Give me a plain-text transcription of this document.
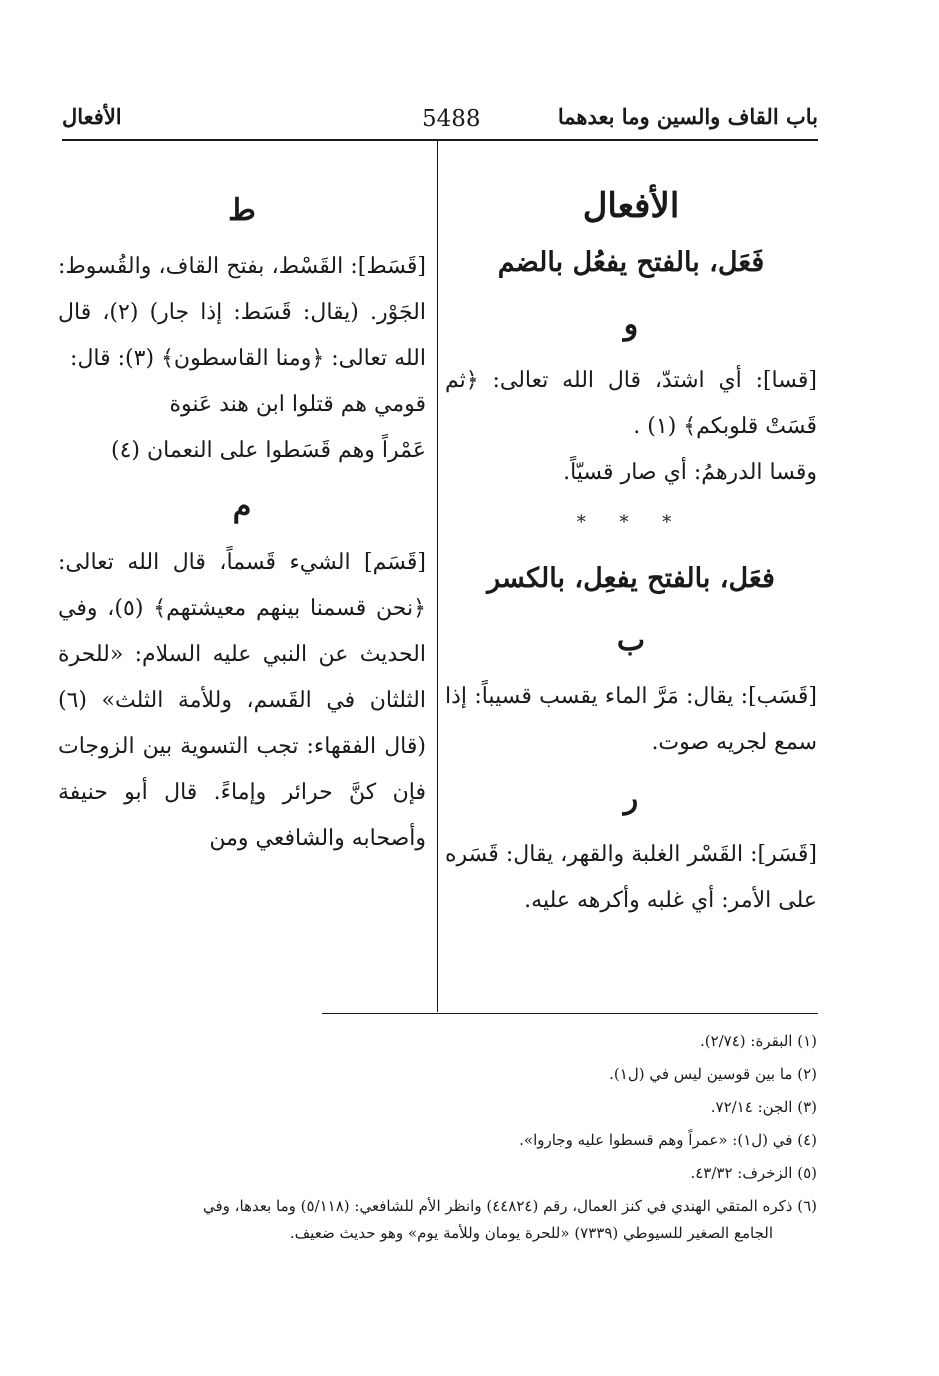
باب القاف والسين وما بعدهما
5488
الأفعال
الأفعال
فَعَل، بالفتح يفعُل بالضم
و

[قسا]: أي اشتدّ، قال الله تعالى: ﴿ثم قَسَتْ قلوبكم﴾ (١) .

وقسا الدرهمُ: أي صار قسيّاً.

* * *
فعَل، بالفتح يفعِل، بالكسر
ب

[قَسَب]: يقال: مَرَّ الماء يقسب قسيباً: إذا سمع لجريه صوت.

ر

[قَسَر]: القَسْر الغلبة والقهر، يقال: قَسَره على الأمر: أي غلبه وأكرهه عليه.

ط

[قَسَط]: القَسْط، بفتح القاف، والقُسوط: الجَوْر. (يقال: قَسَط: إذا جار) (٢)، قال الله تعالى: ﴿ومنا القاسطون﴾ (٣): قال:

قومي هم قتلوا ابن هند عَنوة

عَمْراً وهم قَسَطوا على النعمان (٤)

م

[قَسَم] الشيء قَسماً، قال الله تعالى: ﴿نحن قسمنا بينهم معيشتهم﴾ (٥)، وفي الحديث عن النبي عليه السلام: «للحرة الثلثان في القَسم، وللأمة الثلث» (٦) (قال الفقهاء: تجب التسوية بين الزوجات فإن كنَّ حرائر وإماءً. قال أبو حنيفة وأصحابه والشافعي ومن

(١) البقرة: (٢/٧٤).

(٢) ما بين قوسين ليس في (ل١).

(٣) الجن: ٧٢/١٤.

(٤) في (ل١): «عمراً وهم قسطوا عليه وجاروا».

(٥) الزخرف: ٤٣/٣٢.

(٦) ذكره المتقي الهندي في كنز العمال، رقم (٤٤٨٢٤) وانظر الأم للشافعي: (٥/١١٨) وما بعدها، وفي

الجامع الصغير للسيوطي (٧٣٣٩) «للحرة يومان وللأمة يوم» وهو حديث ضعيف.
